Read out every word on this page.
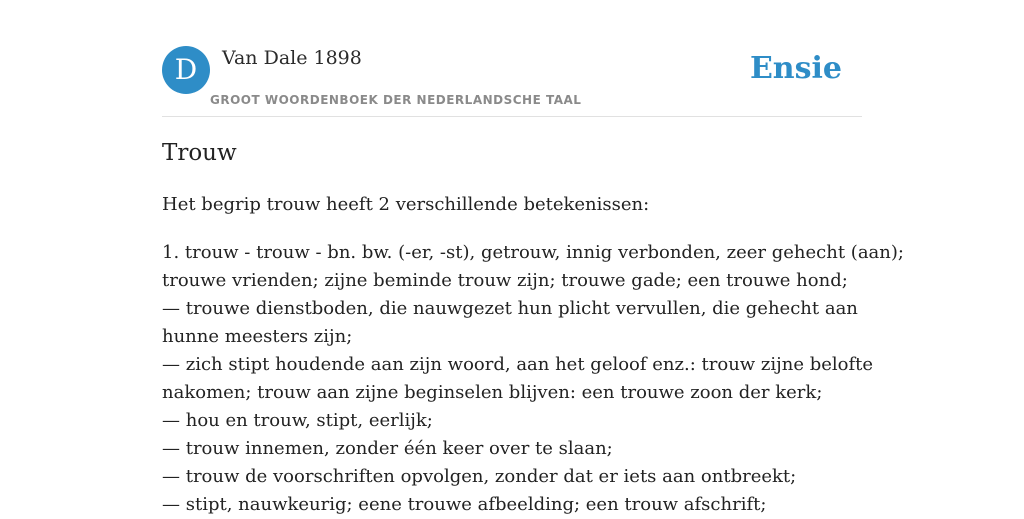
D	Van Dale 1898
GROOT WOORDENBOEK DER NEDERLANDSCHE TAAL
Ensie
Trouw

Het begrip trouw heeft 2 verschillende betekenissen:

1. trouw - trouw - bn. bw. (-er, -st), getrouw, innig verbonden, zeer gehecht (aan);
trouwe vrienden; zijne beminde trouw zijn; trouwe gade; een trouwe hond;
— trouwe dienstboden, die nauwgezet hun plicht vervullen, die gehecht aan
hunne meesters zijn;
— zich stipt houdende aan zijn woord, aan het geloof enz.: trouw zijne belofte
nakomen; trouw aan zijne beginselen blijven: een trouwe zoon der kerk;
— hou en trouw, stipt, eerlijk;
— trouw innemen, zonder één keer over te slaan;
— trouw de voorschriften opvolgen, zonder dat er iets aan ontbreekt;
— stipt, nauwkeurig; eene trouwe afbeelding; een trouw afschrift;
